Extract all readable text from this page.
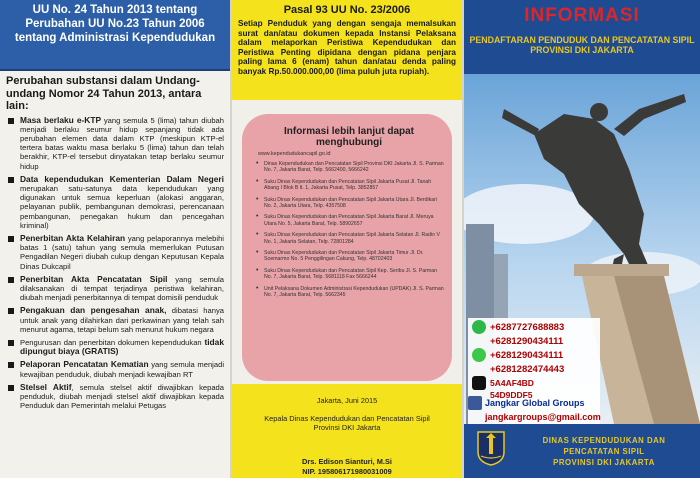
UU No. 24 Tahun 2013 tentang Perubahan UU No.23 Tahun 2006 tentang Administrasi Kependudukan
Perubahan substansi dalam Undang-undang Nomor 24 Tahun 2013, antara lain:
Masa berlaku e-KTP yang semula 5 (lima) tahun diubah menjadi berlaku seumur hidup sepanjang tidak ada perubahan elemen data dalam KTP (meskipun KTP-el tertera batas waktu masa berlaku 5 (lima) tahun dan telah berakhir, KTP-el tersebut dinyatakan tetap berlaku seumur hidup
Data kependudukan Kementerian Dalam Negeri merupakan satu-satunya data kependudukan yang digunakan untuk semua keperluan (alokasi anggaran, pelayanan publik, pembangunan demokrasi, perencanaan pembangunan, penegakan hukum dan pencegahan kriminal)
Penerbitan Akta Kelahiran yang pelaporannya melebihi batas 1 (satu) tahun yang semula memerlukan Putusan Pengadilan Negeri diubah cukup dengan Keputusan Kepala Dinas Dukcapil
Penerbitan Akta Pencatatan Sipil yang semula dilaksanakan di tempat terjadinya peristiwa kelahiran, diubah menjadi penerbitannya di tempat domisili penduduk
Pengakuan dan pengesahan anak, dibatasi hanya untuk anak yang dilahirkan dari perkawinan yang telah sah menurut agama, tetapi belum sah menurut hukum negara
Pengurusan dan penerbitan dokumen kependudukan tidak dipungut biaya (GRATIS)
Pelaporan Pencatatan Kematian yang semula menjadi kewajiban penduduk, diubah menjadi kewajiban RT
Stelsel Aktif, semula stelsel aktif diwajibkan kepada penduduk, diubah menjadi stelsel aktif diwajibkan kepada Penduduk dan Pemerintah melalui Petugas
Pasal 93 UU No. 23/2006
Setiap Penduduk yang dengan sengaja memalsukan surat dan/atau dokumen kepada Instansi Pelaksana dalam melaporkan Peristiwa Kependudukan dan Peristiwa Penting dipidana dengan pidana penjara paling lama 6 (enam) tahun dan/atau denda paling banyak Rp.50.000.000,00 (lima puluh juta rupiah).
Informasi lebih lanjut dapat menghubungi
www.kependudukancapil.go.id
• Dinas Kependudukan dan Pencatatan Sipil Provinsi DKI Jakarta Jl. S. Parman No. 7, Jakarta Barat, Telp. 5662400, 5666242
• Suku Dinas Kependudukan dan Pencatatan Sipil Jakarta Pusat Jl. Tanah Abang I Blok B lt. 1, Jakarta Pusat, Telp. 3852857
• Suku Dinas Kependudukan dan Pencatatan Sipil Jakarta Utara Jl. Berdikari No. 2, Jakarta Utara, Telp. 4357508
• Suku Dinas Kependudukan dan Pencatatan Sipil Jakarta Barat Jl. Meruya Utara No. 5, Jakarta Barat, Telp. 58902657
• Suku Dinas Kependudukan dan Pencatatan Sipil Jakarta Selatan Jl. Radio V No. 1, Jakarta Selatan, Telp. 72801284
• Suku Dinas Kependudukan dan Pencatatan Sipil Jakarta Timur Jl. Dr. Soemarmo No. 5 Penggilingan Cakung, Telp. 48702403
• Suku Dinas Kependudukan dan Pencatatan Sipil Kep. Seribu Jl. S. Parman No. 7, Jakarta Barat, Telp. 5681118 Fax 5666244
• Unit Pelaksana Dokumen Administrasi Kependudukan (UPDAK) Jl. S. Parman No. 7, Jakarta Barat, Telp. 5662345
Jakarta, Juni 2015
Kepala Dinas Kependudukan dan Pencatatan Sipil Provinsi DKI Jakarta
Drs. Edison Sianturi, M.Si
NIP. 195806171980031009
INFORMASI
PENDAFTARAN PENDUDUK DAN PENCATATAN SIPIL PROVINSI DKI JAKARTA
+6287727688883
+6281290434111
+6281290434111
+6281282474443
5A4AF4BD
54D9DDF5
Jangkar Global Groups
jangkargroups@gmail.com
DINAS KEPENDUDUKAN DAN
PENCATATAN SIPIL
PROVINSI DKI JAKARTA
